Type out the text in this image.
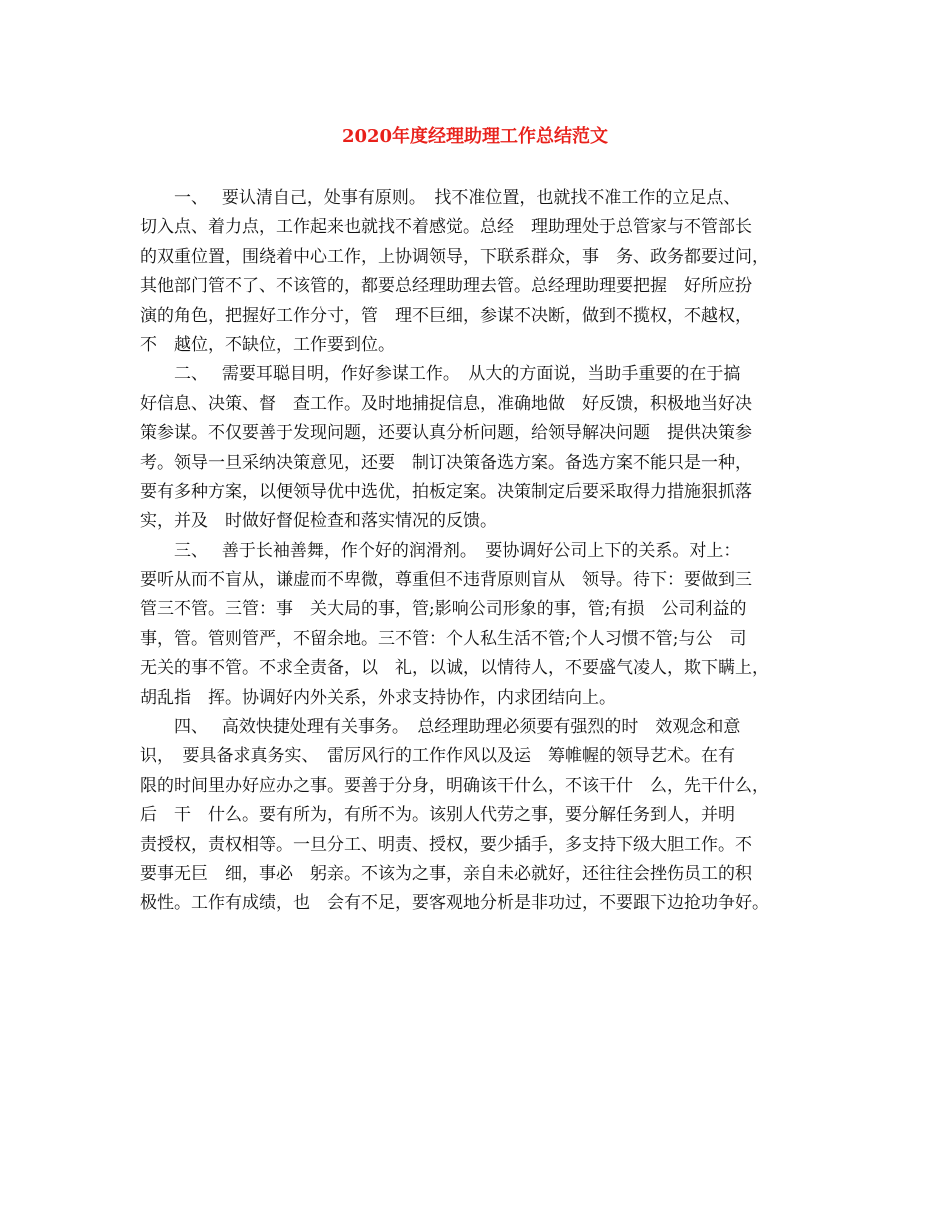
2020年度经理助理工作总结范文
　　一、　 要认清自己，处事有原则。　找不准位置，也就找不准工作的立足点、
切入点、着力点，工作起来也就找不着感觉。总经　理助理处于总管家与不管部长
的双重位置，围绕着中心工作，上协调领导，下联系群众，事　务、政务都要过问，
其他部门管不了、不该管的，都要总经理助理去管。总经理助理要把握　好所应扮
演的角色，把握好工作分寸，管　理不巨细，参谋不决断，做到不揽权，不越权，
不　越位，不缺位，工作要到位。
　　二、　 需要耳聪目明，作好参谋工作。　从大的方面说，当助手重要的在于搞
好信息、决策、督　查工作。及时地捕捉信息，准确地做　好反馈，积极地当好决
策参谋。不仅要善于发现问题，还要认真分析问题，给领导解决问题　提供决策参
考。领导一旦采纳决策意见，还要　制订决策备选方案。备选方案不能只是一种，
要有多种方案，以便领导优中选优，拍板定案。决策制定后要采取得力措施狠抓落
实，并及　时做好督促检查和落实情况的反馈。
　　三、　 善于长袖善舞，作个好的润滑剂。　要协调好公司上下的关系。对上：
要听从而不盲从，谦虚而不卑微，尊重但不违背原则盲从　领导。待下：要做到三
管三不管。三管：事　关大局的事，管;影响公司形象的事，管;有损　公司利益的
事，管。管则管严，不留余地。三不管：个人私生活不管;个人习惯不管;与公　司
无关的事不管。不求全责备，以　礼，以诚，以情待人，不要盛气凌人，欺下瞒上，
胡乱指　挥。协调好内外关系，外求支持协作，内求团结向上。
　　四、　 高效快捷处理有关事务。　总经理助理必须要有强烈的时　效观念和意
识，　要具备求真务实、　雷厉风行的工作作风以及运　筹帷幄的领导艺术。在有
限的时间里办好应办之事。要善于分身，明确该干什么，不该干什　么，先干什么，
后　干　什么。要有所为，有所不为。该别人代劳之事，要分解任务到人，并明
责授权，责权相等。一旦分工、明责、授权，要少插手，多支持下级大胆工作。不
要事无巨　细，事必　躬亲。不该为之事，亲自未必就好，还往往会挫伤员工的积
极性。工作有成绩，也　会有不足，要客观地分析是非功过，不要跟下边抢功争好。
